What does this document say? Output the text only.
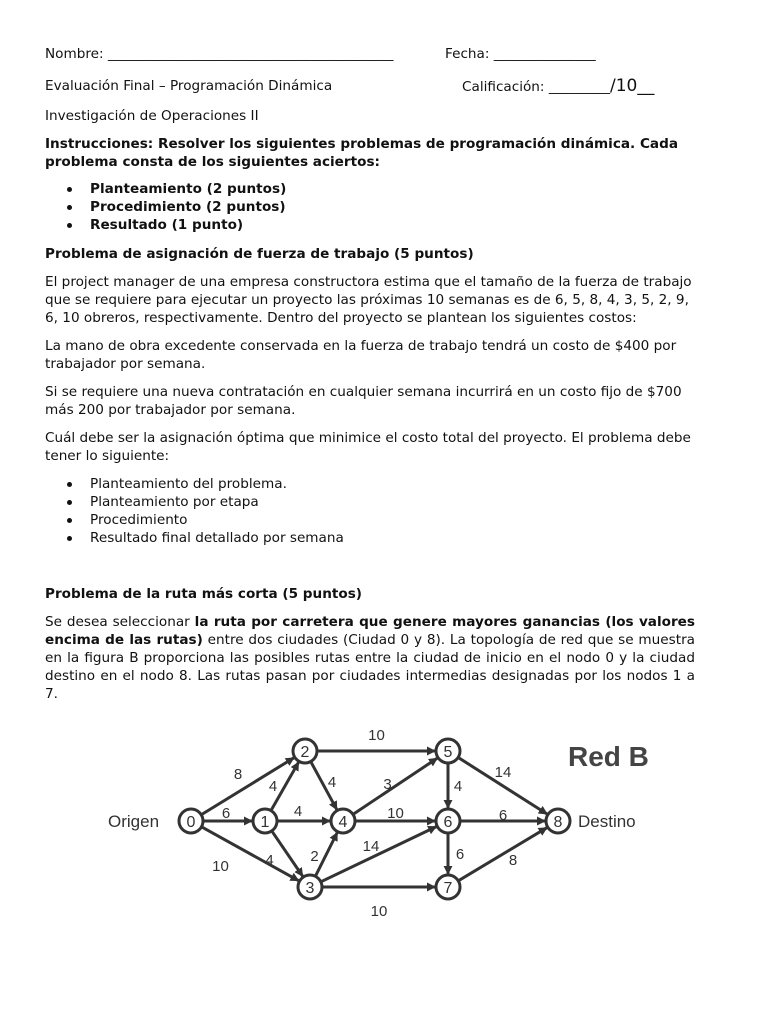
Nombre: __________________________________________	Fecha: _______________
Evaluación Final – Programación Dinámica	Calificación: _________/10__
Investigación de Operaciones II
Instrucciones: Resolver los siguientes problemas de programación dinámica. Cada problema consta de los siguientes aciertos:
Planteamiento (2 puntos)
Procedimiento (2 puntos)
Resultado (1 punto)
Problema de asignación de fuerza de trabajo (5 puntos)
El project manager de una empresa constructora estima que el tamaño de la fuerza de trabajo que se requiere para ejecutar un proyecto las próximas 10 semanas es de 6, 5, 8, 4, 3, 5, 2, 9, 6, 10 obreros, respectivamente. Dentro del proyecto se plantean los siguientes costos:
La mano de obra excedente conservada en la fuerza de trabajo tendrá un costo de $400 por trabajador por semana.
Si se requiere una nueva contratación en cualquier semana incurrirá en un costo fijo de $700 más 200 por trabajador por semana.
Cuál debe ser la asignación óptima que minimice el costo total del proyecto. El problema debe tener lo siguiente:
Planteamiento del problema.
Planteamiento por etapa
Procedimiento
Resultado final detallado por semana
Problema de la ruta más corta (5 puntos)
Se desea seleccionar la ruta por carretera que genere mayores ganancias (los valores encima de las rutas) entre dos ciudades (Ciudad 0 y 8). La topología de red que se muestra en la figura B proporciona las posibles rutas entre la ciudad de inicio en el nodo 0 y la ciudad destino en el nodo 8. Las rutas pasan por ciudades intermedias designadas por los nodos 1 a 7.
8
6
10
4
4
4
10
4
2
14
10
3
10
4
14
6
6	8
0	1
2
3
4
5
6
7
8
Origen	Destino
Red B
